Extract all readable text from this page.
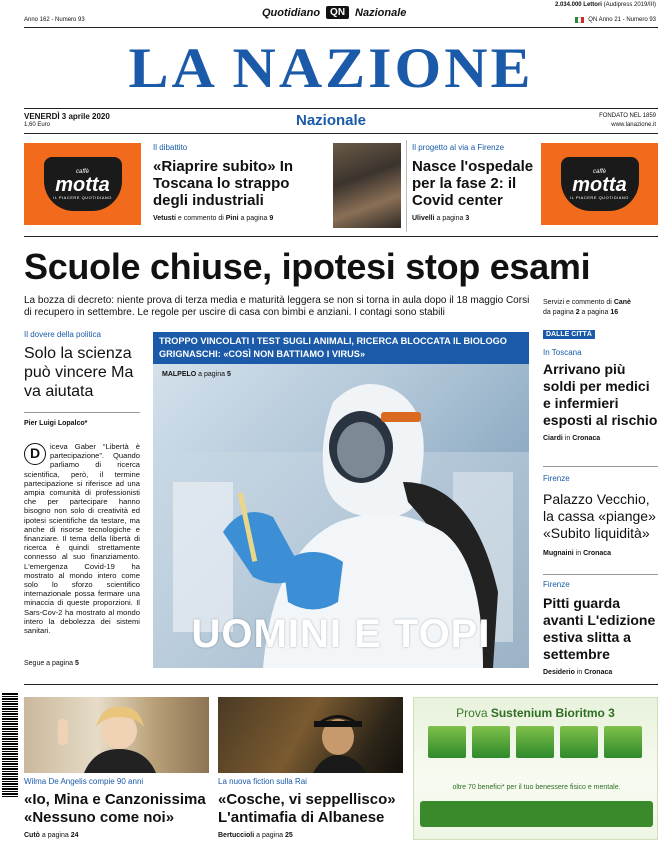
Anno 162 - Numero 93
Quotidiano	QN Nazionale
2.034.000 Lettori (Audipress 2019/III)
QN Anno 21 - Numero 93
LA NAZIONE
VENERDÌ 3 aprile 2020
1,60 Euro	Nazionale	FONDATO NEL 1859
www.lanazione.it
caffè
motta
IL PIACERE QUOTIDIANO
Il dibattito
«Riaprire subito» In Toscana lo strappo degli industriali
Vetusti e commento di Pini a pagina 9
Il progetto al via a Firenze
Nasce l'ospedale per la fase 2: il Covid center
Ulivelli a pagina 3
caffè
motta
IL PIACERE QUOTIDIANO
Scuole chiuse, ipotesi stop esami
La bozza di decreto: niente prova di terza media e maturità leggera se non si torna in aula dopo il 18 maggio Corsi di recupero in settembre. Le regole per uscire di casa con bimbi e anziani. I contagi sono stabili
Servizi e commento di Canè
da pagina 2 a pagina 16
Il dovere della politica
Solo la scienza può vincere Ma va aiutata
Pier Luigi Lopalco*
D	iceva Gaber “Libertà è partecipazione”. Quando parliamo di ricerca scientifica, però, il termine partecipazione si riferisce ad una ampia comunità di professionisti che per partecipare hanno bisogno non solo di creatività ed ipotesi scientifiche da testare, ma anche di risorse tecnologiche e finanziare. Il tema della libertà di ricerca è quindi strettamente connesso al suo finanziamento. L'emergenza Covid-19 ha mostrato al mondo intero come solo lo sforzo scientifico internazionale possa fermare una minaccia di queste proporzioni. Il Sars-Cov-2 ha mostrato al mondo intero la debolezza dei sistemi sanitari.
Segue a pagina 5
TROPPO VINCOLATI I TEST SUGLI ANIMALI, RICERCA BLOCCATA IL BIOLOGO GRIGNASCHI: «COSÌ NON BATTIAMO I VIRUS»
MALPELO a pagina 5
UOMINI E TOPI
DALLE CITTÀ
In Toscana
Arrivano più soldi per medici e infermieri esposti al rischio
Ciardi in Cronaca
Firenze
Palazzo Vecchio, la cassa «piange» «Subito liquidità»
Mugnaini in Cronaca
Firenze
Pitti guarda avanti L'edizione estiva slitta a settembre
Desiderio in Cronaca
Wilma De Angelis compie 90 anni
«Io, Mina e Canzonissima «Nessuno come noi»
Cutò a pagina 24
La nuova fiction sulla Rai
«Cosche, vi seppellisco» L'antimafia di Albanese
Bertuccioli a pagina 25
Prova Sustenium Bioritmo 3
oltre 70 benefici* per il tuo benessere fisico e mentale.
